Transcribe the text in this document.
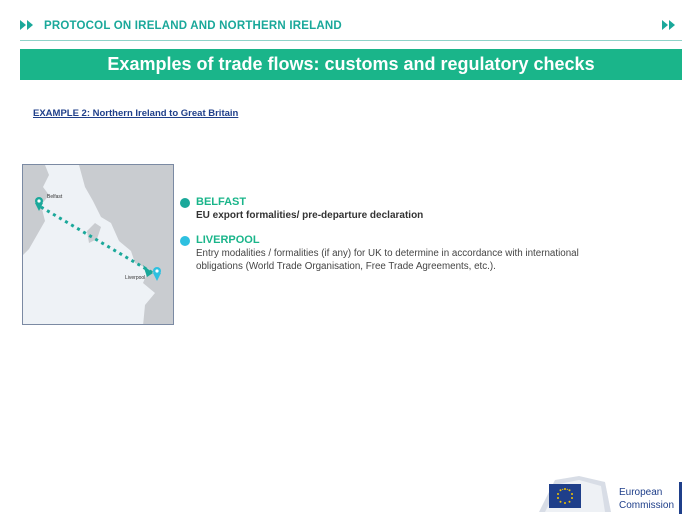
PROTOCOL ON IRELAND AND NORTHERN IRELAND
Examples of trade flows: customs and regulatory checks
EXAMPLE 2: Northern Ireland to Great Britain
Belfast
Liverpool
BELFAST
EU export formalities/ pre-departure declaration
LIVERPOOL
Entry modalities / formalities (if any) for UK to determine in accordance with international
obligations (World Trade Organisation, Free Trade Agreements, etc.).
European
Commission
